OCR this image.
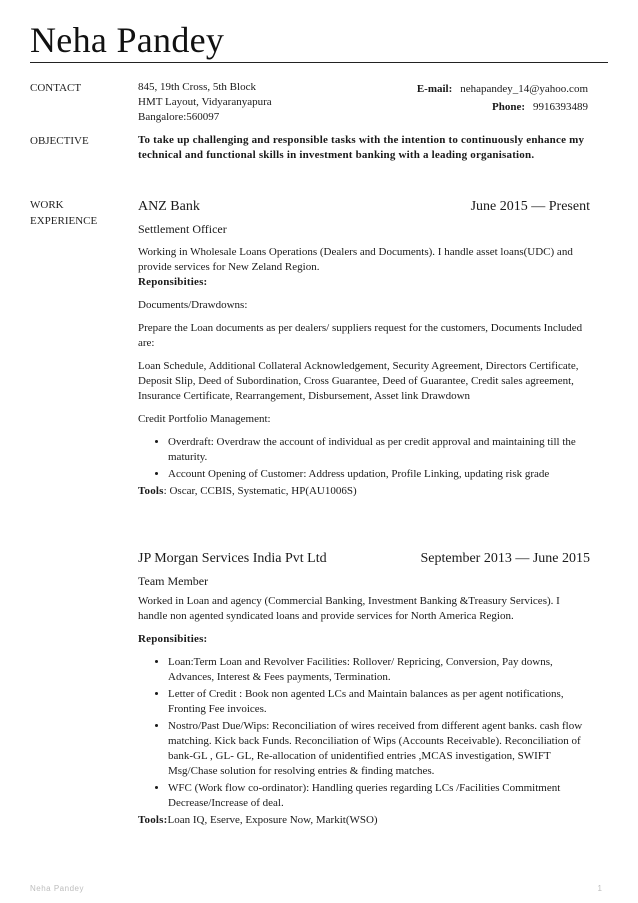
Neha Pandey
CONTACT	845, 19th Cross, 5th Block
HMT Layout, Vidyaranyapura
Bangalore:560097
E-mail: nehapandey_14@yahoo.com
Phone: 9916393489
OBJECTIVE	To take up challenging and responsible tasks with the intention to continuously enhance my technical and functional skills in investment banking with a leading organisation.
WORK
EXPERIENCE
ANZ Bank	June 2015 — Present
Settlement Officer

Working in Wholesale Loans Operations (Dealers and Documents). I handle asset loans(UDC) and provide services for New Zeland Region.

Reponsibities:

Documents/Drawdowns:

Prepare the Loan documents as per dealers/ suppliers request for the customers, Documents Included are:

Loan Schedule, Additional Collateral Acknowledgement, Security Agreement, Directors Certificate, Deposit Slip, Deed of Subordination, Cross Guarantee, Deed of Guarantee, Credit sales agreement, Insurance Certificate, Rearrangement, Disbursement, Asset link Drawdown

Credit Portfolio Management:

• Overdraft: Overdraw the account of individual as per credit approval and maintaining till the maturity.
• Account Opening of Customer: Address updation, Profile Linking, updating risk grade
Tools: Oscar, CCBIS, Systematic, HP(AU1006S)
JP Morgan Services India Pvt Ltd	September 2013 — June 2015
Team Member

Worked in Loan and agency (Commercial Banking, Investment Banking &Treasury Services). I handle non agented syndicated loans and provide services for North America Region.

Reponsibities:

• Loan:Term Loan and Revolver Facilities: Rollover/ Repricing, Conversion, Pay downs, Advances, Interest & Fees payments, Termination.
• Letter of Credit : Book non agented LCs and Maintain balances as per agent notifications, Fronting Fee invoices.
• Nostro/Past Due/Wips: Reconciliation of wires received from different agent banks. cash flow matching. Kick back Funds. Reconciliation of Wips (Accounts Receivable). Reconciliation of bank-GL , GL- GL, Re-allocation of unidentified entries ,MCAS investigation, SWIFT Msg/Chase solution for resolving entries & finding matches.
• WFC (Work flow co-ordinator): Handling queries regarding LCs /Facilities Commitment Decrease/Increase of deal.
Tools:Loan IQ, Eserve, Exposure Now, Markit(WSO)
Neha Pandey	1
